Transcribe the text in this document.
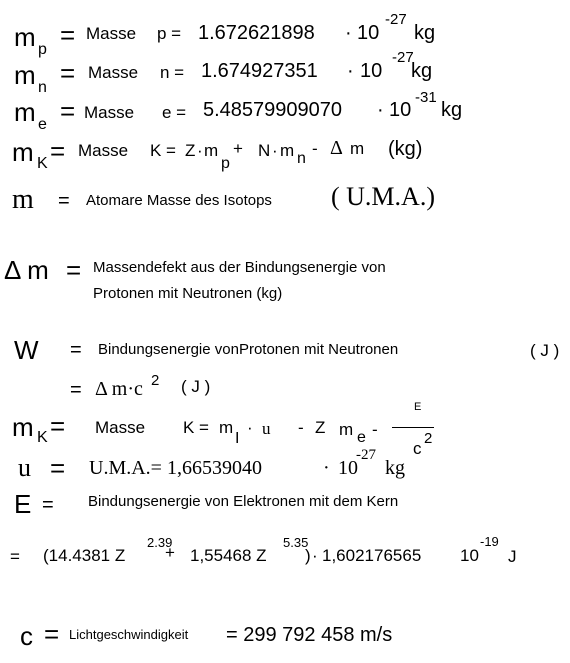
m p = Masse p = 1.672621898 · 10
-27
kg
m n = Masse n = 1.674927351 · 10
-27
kg
m e = Masse e = 5.48579909070 · 10
-31
kg
m K = Masse K = Z · m
p
+ N · m n
- Δ m (kg)
m = Atomare Masse des Isotops ( U.M.A.)
Δ m = Massendefekt aus der Bindungsenergie von
Protonen mit Neutronen (kg)
W = Bindungsenergie vonProtonen mit Neutronen	( J )
= Δ m·c 2 ( J )
m K = Masse K = m
I
· u - Z m e -
E
c
2
u = U.M.A.= 1,66539040	· 10
-27
kg
E = Bindungsenergie von Elektronen mit dem Kern
= (14.4381 Z
2.39
+ 1,55468 Z
5.35
) · 1,602176565 10
-19
J
c = Lichtgeschwindigkeit = 299 792 458 m/s
